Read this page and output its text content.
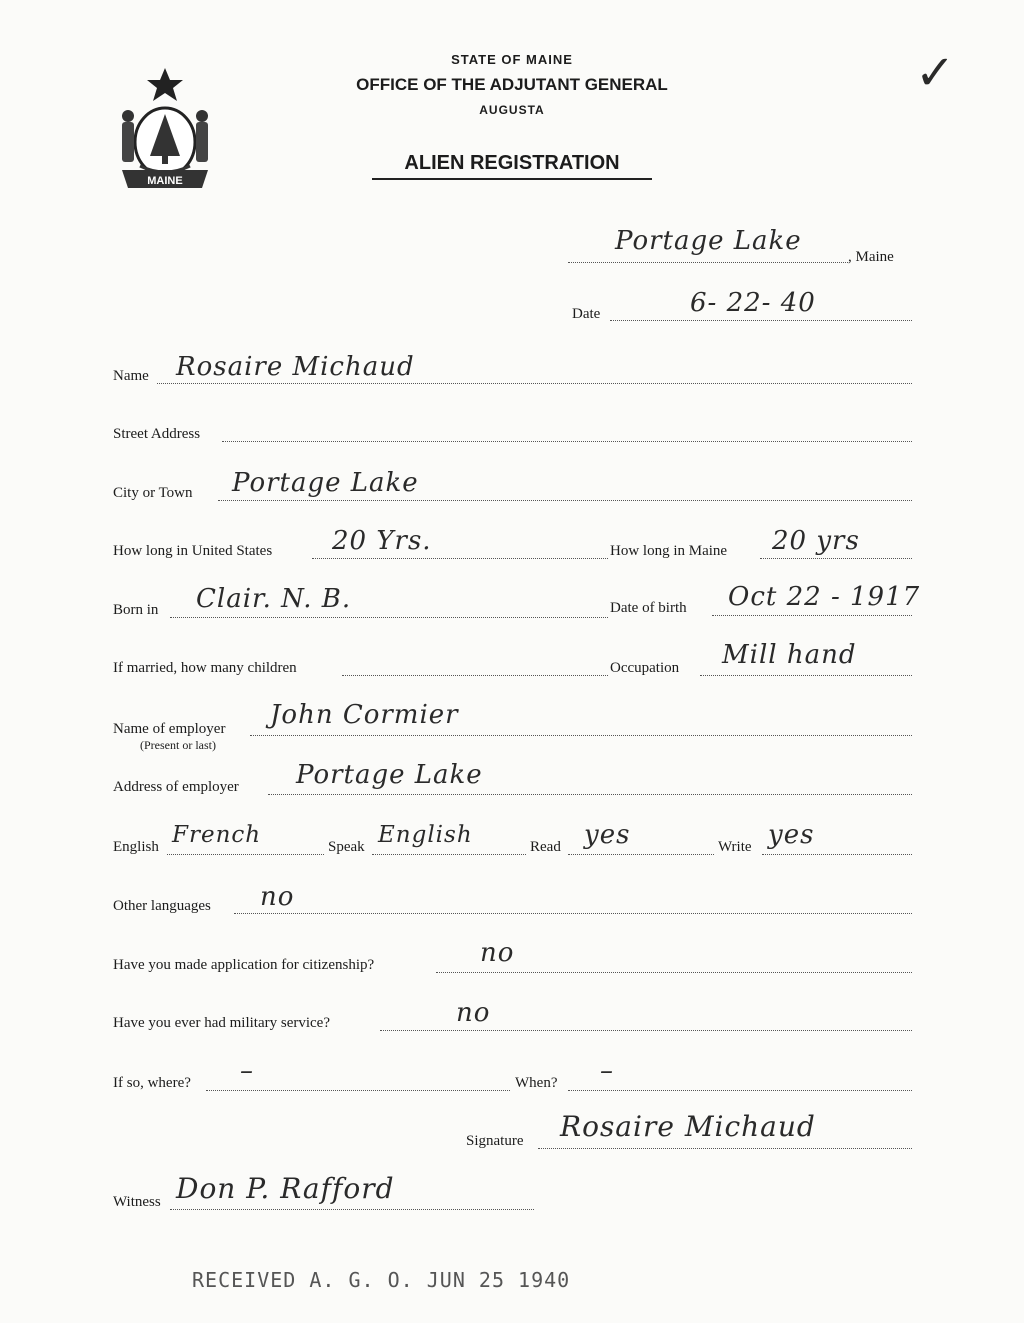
MAINE
✓
STATE OF MAINE
OFFICE OF THE ADJUTANT GENERAL
AUGUSTA
ALIEN REGISTRATION
Portage Lake
, Maine
Date	6- 22- 40
Name Rosaire Michaud
Street Address
City or Town Portage Lake
How long in United States 20 Yrs.	How long in Maine 20 yrs
Born in Clair. N. B.	Date of birth Oct 22 - 1917
If married, how many children	Occupation Mill hand
Name of employer
(Present or last)
John Cormier
Address of employer Portage Lake
English French	Speak English	Read yes	Write yes
Other languages no
Have you made application for citizenship?	no
Have you ever had military service?	no
If so, where? –	When? –
Signature Rosaire Michaud
Witness Don P. Rafford
RECEIVED A. G. O. JUN 25 1940
